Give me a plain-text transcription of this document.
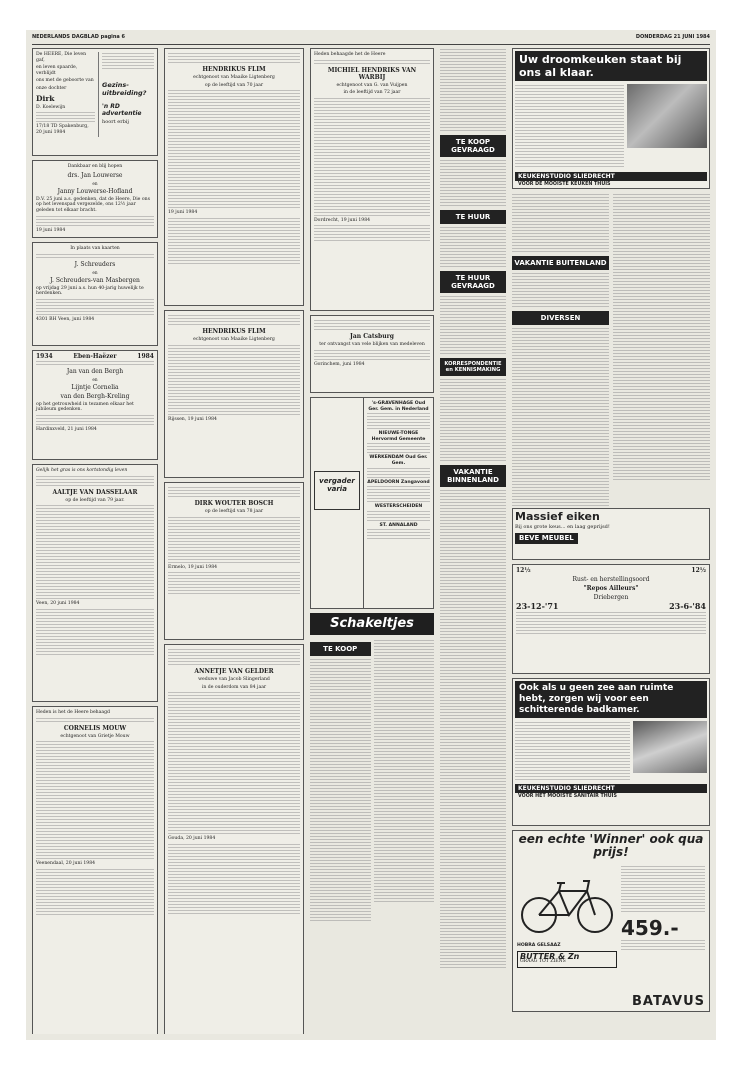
NEDERLANDS DAGBLAD pagina 6	DONDERDAG 21 JUNI 1984

De HEERE, Die leven gaf,

en leven spaarde, verblijdt

ons met de geboorte van

onze dochter

Dirk

D. Koelewijn

17/18 TD Spakenburg, 20 juni 1984

Gezins-uitbreiding?
'n RD advertentie
hoort erbij

Dankbaar en blij hopen

drs. Jan Louwerse
en
Janny Louwerse-Hofland

D.V. 25 juni a.s. gedenken, dat de Heere, Die ons op het levenspad vergezelde, ons 12½ jaar geleden tot elkaar bracht.

19 juni 1984

In plaats van kaarten

J. Schreuders
en
J. Schreuders-van Masbergen

op vrijdag 29 juni a.s. hun 40-jarig huwelijk te herdenken.

4301 BH Veen, juni 1984

1934	Eben-Haëzer	1984
Jan van den Bergh
en
Lijntje Cornelia
van den Bergh-Kreling

op het getrouwheid in tezamen elkaar het jubileum gedenken.

Hardinxveld, 21 juni 1984

Gelijk het gras is ons kortstondig leven

AALTJE VAN DASSELAAR

op de leeftijd van 79 jaar.

Veen, 20 juni 1984

Heden is het de Heere behaagd

CORNELIS MOUW

echtgenoot van Grietje Mouw

Veenendaal, 20 juni 1984

HENDRIKUS FLIM

echtgenoot van Maaike Ligtenberg

op de leeftijd van 70 jaar

19 juni 1984

HENDRIKUS FLIM

echtgenoot van Maaike Ligtenberg

Rijssen, 19 juni 1984

DIRK WOUTER BOSCH

op de leeftijd van 78 jaar

Ermelo, 19 juni 1984

ANNETJE VAN GELDER

weduwe van Jacob Slingerland

in de ouderdom van 84 jaar

Gouda, 20 juni 1984

Heden behaagde het de Heere

MICHIEL HENDRIKS VAN WARBIJ

echtgenoot van G. van Vuijpen

in de leeftijd van 72 jaar

Dordrecht, 19 juni 1984

Jan Catsburg

ter ontvangst van vele blijken van medeleven

Gorinchem, juni 1984

vergader varia
's-GRAVENHAGE Oud Ger. Gem. in Nederland
NIEUWE-TONGE Hervormd Gemeente
WERKENDAM Oud Ger. Gem.
APELDOORN Zangavond
WESTERSCHEIDEN
ST. ANNALAND
Schakeltjes
TE KOOP
TE KOOP GEVRAAGD
TE HUUR
TE HUUR GEVRAAGD
KORRESPONDENTIE en KENNISMAKING
VAKANTIE BINNENLAND
Uw droomkeuken staat bij ons al klaar.
KEUKENSTUDIO SLIEDRECHT
VOOR DE MOOISTE KEUKEN THUIS
VAKANTIE BUITENLAND
DIVERSEN
Massief eiken
Bij ons grote keus... en laag geprijsd!
BEVE MEUBEL
12½	12½
Rust- en herstellingsoord
"Repos Ailleurs"
Driebergen
23-12-'71	23-6-'84
Ook als u geen zee aan ruimte hebt, zorgen wij voor een schitterende badkamer.
KEUKENSTUDIO SLIEDRECHT
VOOR HET MOOISTE SANITAIR THUIS
een echte 'Winner' ook qua prijs!
459.-
HOBRA GELSAAZ
BUTTER & Zn
GRAAG TOT ZIENS
BATAVUS
